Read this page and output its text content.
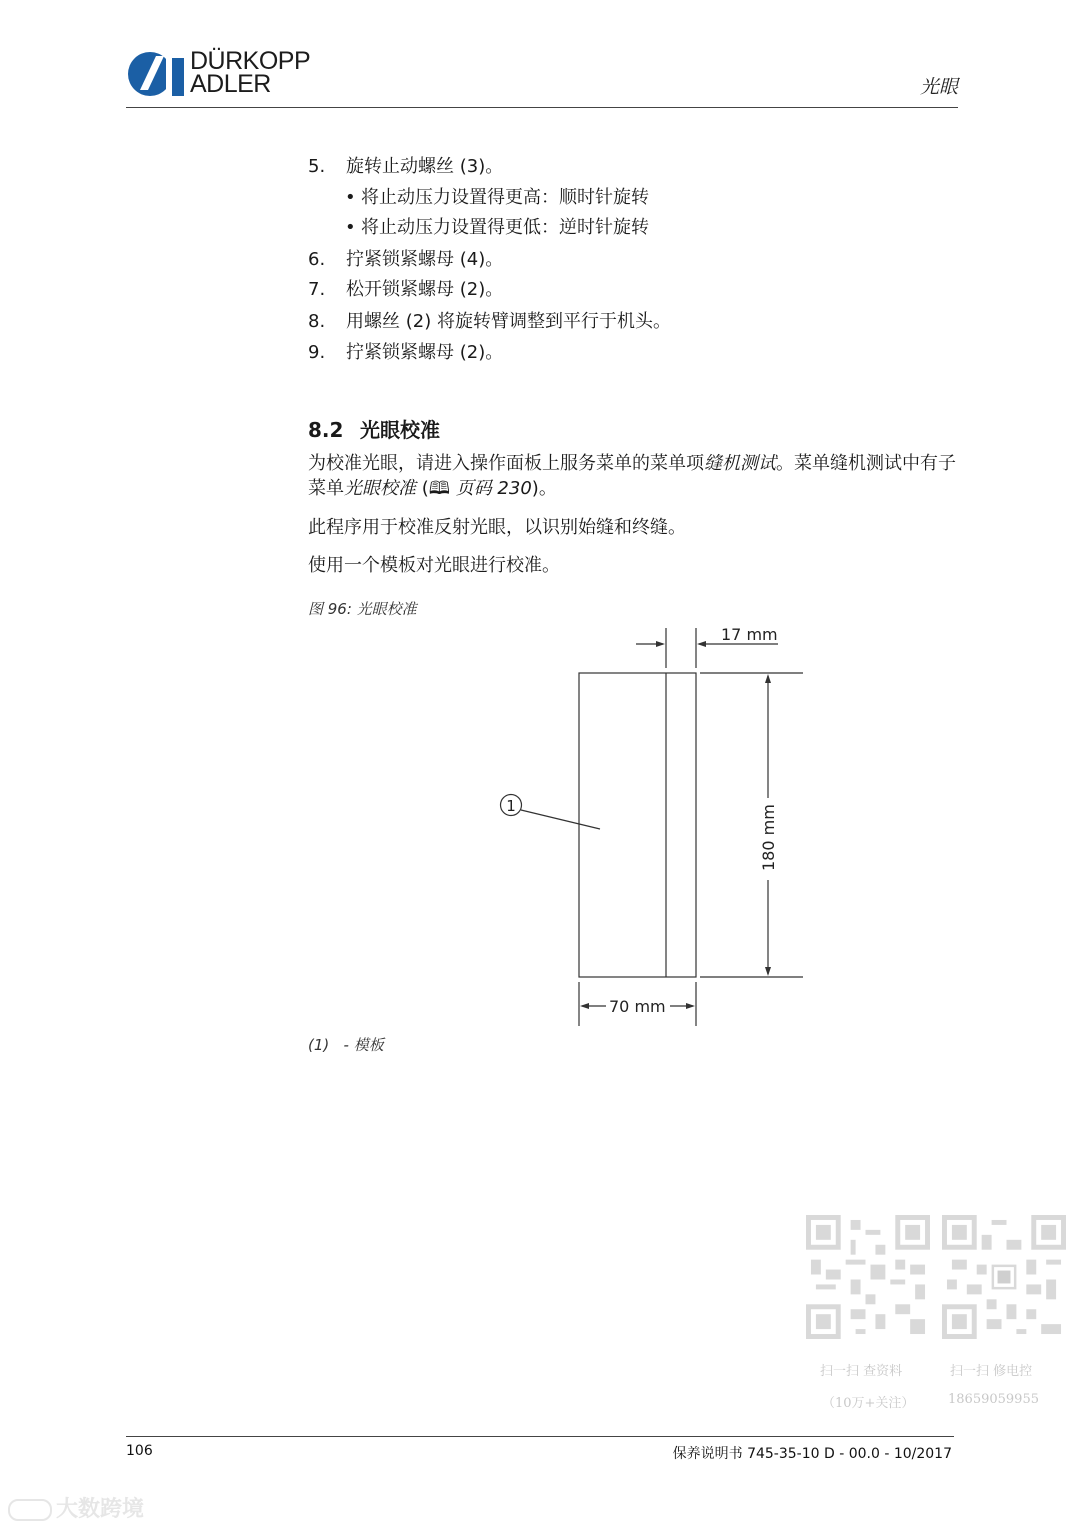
DÜRKOPP
ADLER	光眼
5. 旋转止动螺丝 (3)。
• 将止动压力设置得更高：顺时针旋转
• 将止动压力设置得更低：逆时针旋转
6. 拧紧锁紧螺母 (4)。
7. 松开锁紧螺母 (2)。
8. 用螺丝 (2) 将旋转臂调整到平行于机头。
9. 拧紧锁紧螺母 (2)。
8.2 光眼校准
为校准光眼，请进入操作面板上服务菜单的菜单项缝机测试。菜单缝机测试中有子菜单光眼校准 (🕮 页码 230)。
此程序用于校准反射光眼，以识别始缝和终缝。
使用一个模板对光眼进行校准。
图 96: 光眼校准
17 mm
180 mm
70 mm
1
(1)   - 模板
扫一扫 查资料
（10万+关注）
扫一扫 修电控
18659059955
106	保养说明书 745-35-10 D - 00.0 - 10/2017
大数跨境
